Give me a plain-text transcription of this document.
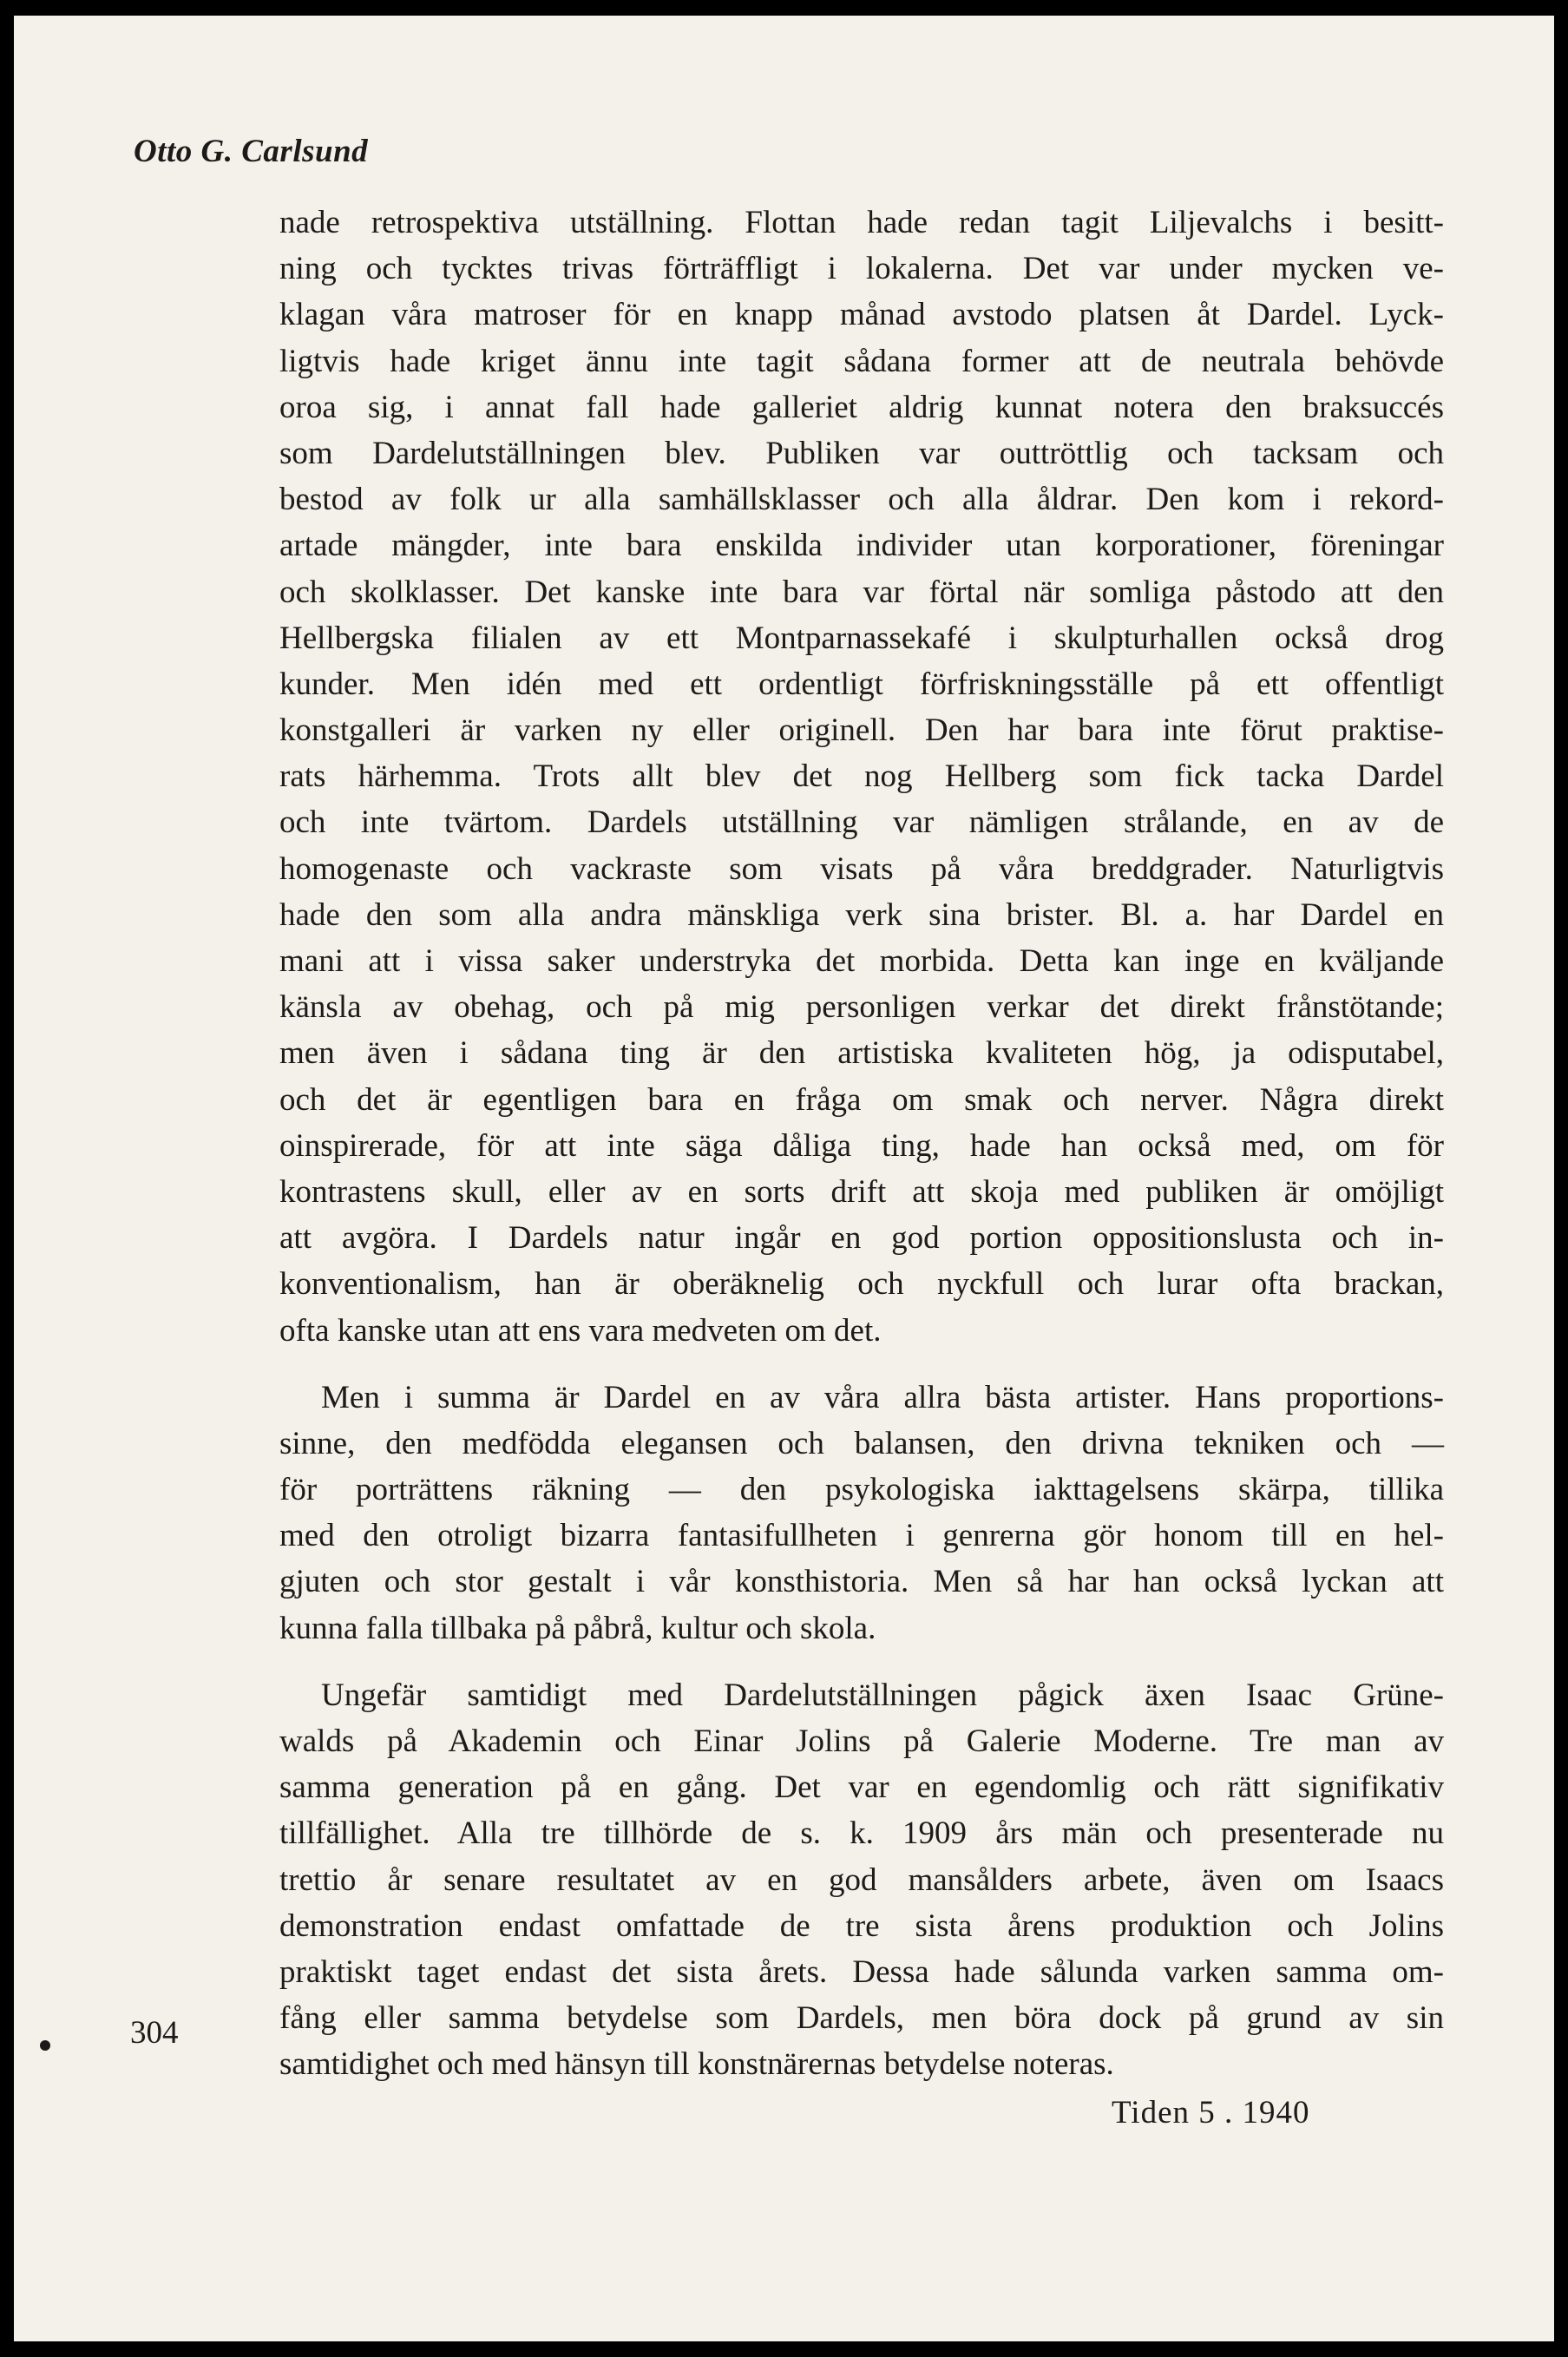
Otto G. Carlsund
nade retrospektiva utställning. Flottan hade redan tagit Liljevalchs i besitt-
ning och tycktes trivas förträffligt i lokalerna. Det var under mycken ve-
klagan våra matroser för en knapp månad avstodo platsen åt Dardel. Lyck-
ligtvis hade kriget ännu inte tagit sådana former att de neutrala behövde
oroa sig, i annat fall hade galleriet aldrig kunnat notera den braksuccés
som Dardelutställningen blev. Publiken var outtröttlig och tacksam och
bestod av folk ur alla samhällsklasser och alla åldrar. Den kom i rekord-
artade mängder, inte bara enskilda individer utan korporationer, föreningar
och skolklasser. Det kanske inte bara var förtal när somliga påstodo att den
Hellbergska filialen av ett Montparnassekafé i skulpturhallen också drog
kunder. Men idén med ett ordentligt förfriskningsställe på ett offentligt
konstgalleri är varken ny eller originell. Den har bara inte förut praktise-
rats härhemma. Trots allt blev det nog Hellberg som fick tacka Dardel
och inte tvärtom. Dardels utställning var nämligen strålande, en av de
homogenaste och vackraste som visats på våra breddgrader. Naturligtvis
hade den som alla andra mänskliga verk sina brister. Bl. a. har Dardel en
mani att i vissa saker understryka det morbida. Detta kan inge en kväljande
känsla av obehag, och på mig personligen verkar det direkt frånstötande;
men även i sådana ting är den artistiska kvaliteten hög, ja odisputabel,
och det är egentligen bara en fråga om smak och nerver. Några direkt
oinspirerade, för att inte säga dåliga ting, hade han också med, om för
kontrastens skull, eller av en sorts drift att skoja med publiken är omöjligt
att avgöra. I Dardels natur ingår en god portion oppositionslusta och in-
konventionalism, han är oberäknelig och nyckfull och lurar ofta brackan,
ofta kanske utan att ens vara medveten om det.
Men i summa är Dardel en av våra allra bästa artister. Hans proportions-
sinne, den medfödda elegansen och balansen, den drivna tekniken och —
för porträttens räkning — den psykologiska iakttagelsens skärpa, tillika
med den otroligt bizarra fantasifullheten i genrerna gör honom till en hel-
gjuten och stor gestalt i vår konsthistoria. Men så har han också lyckan att
kunna falla tillbaka på påbrå, kultur och skola.
Ungefär samtidigt med Dardelutställningen pågick äxen Isaac Grüne-
walds på Akademin och Einar Jolins på Galerie Moderne. Tre man av
samma generation på en gång. Det var en egendomlig och rätt signifikativ
tillfällighet. Alla tre tillhörde de s. k. 1909 års män och presenterade nu
trettio år senare resultatet av en god mansålders arbete, även om Isaacs
demonstration endast omfattade de tre sista årens produktion och Jolins
praktiskt taget endast det sista årets. Dessa hade sålunda varken samma om-
fång eller samma betydelse som Dardels, men böra dock på grund av sin
samtidighet och med hänsyn till konstnärernas betydelse noteras.
304
Tiden 5 . 1940
